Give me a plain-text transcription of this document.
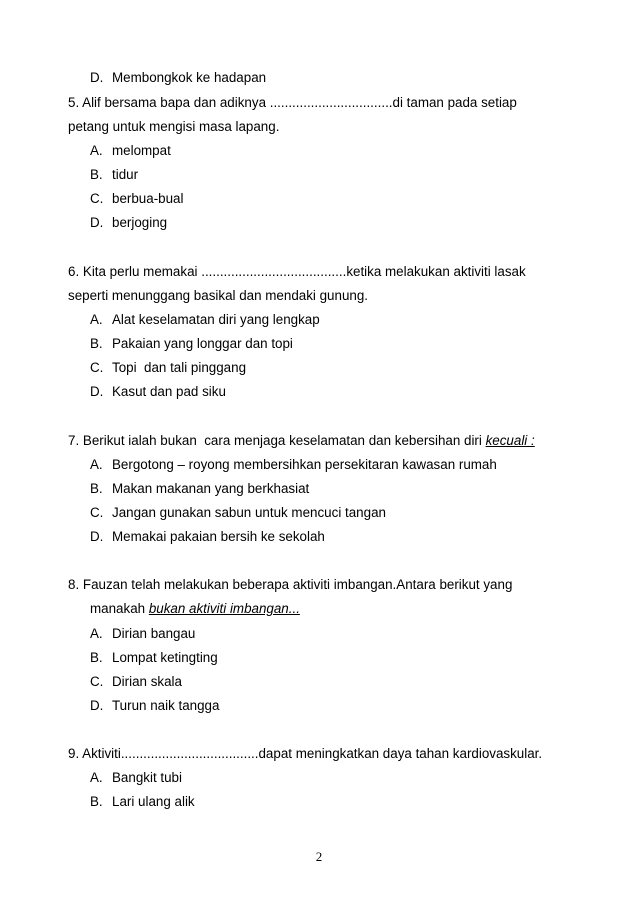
D. Membongkok ke hadapan
5. Alif bersama bapa dan adiknya .................................di taman pada setiap
petang untuk mengisi masa lapang.
A. melompat
B. tidur
C. berbua-bual
D. berjoging
6. Kita perlu memakai .......................................ketika melakukan aktiviti lasak
seperti menunggang basikal dan mendaki gunung.
A. Alat keselamatan diri yang lengkap
B. Pakaian yang longgar dan topi
C. Topi  dan tali pinggang
D. Kasut dan pad siku
7. Berikut ialah bukan  cara menjaga keselamatan dan kebersihan diri kecuali :
A. Bergotong – royong membersihkan persekitaran kawasan rumah
B. Makan makanan yang berkhasiat
C. Jangan gunakan sabun untuk mencuci tangan
D. Memakai pakaian bersih ke sekolah
8. Fauzan telah melakukan beberapa aktiviti imbangan.Antara berikut yang
manakah bukan aktiviti imbangan...
A. Dirian bangau
B. Lompat ketingting
C. Dirian skala
D. Turun naik tangga
9. Aktiviti.....................................dapat meningkatkan daya tahan kardiovaskular.
A. Bangkit tubi
B. Lari ulang alik
2
